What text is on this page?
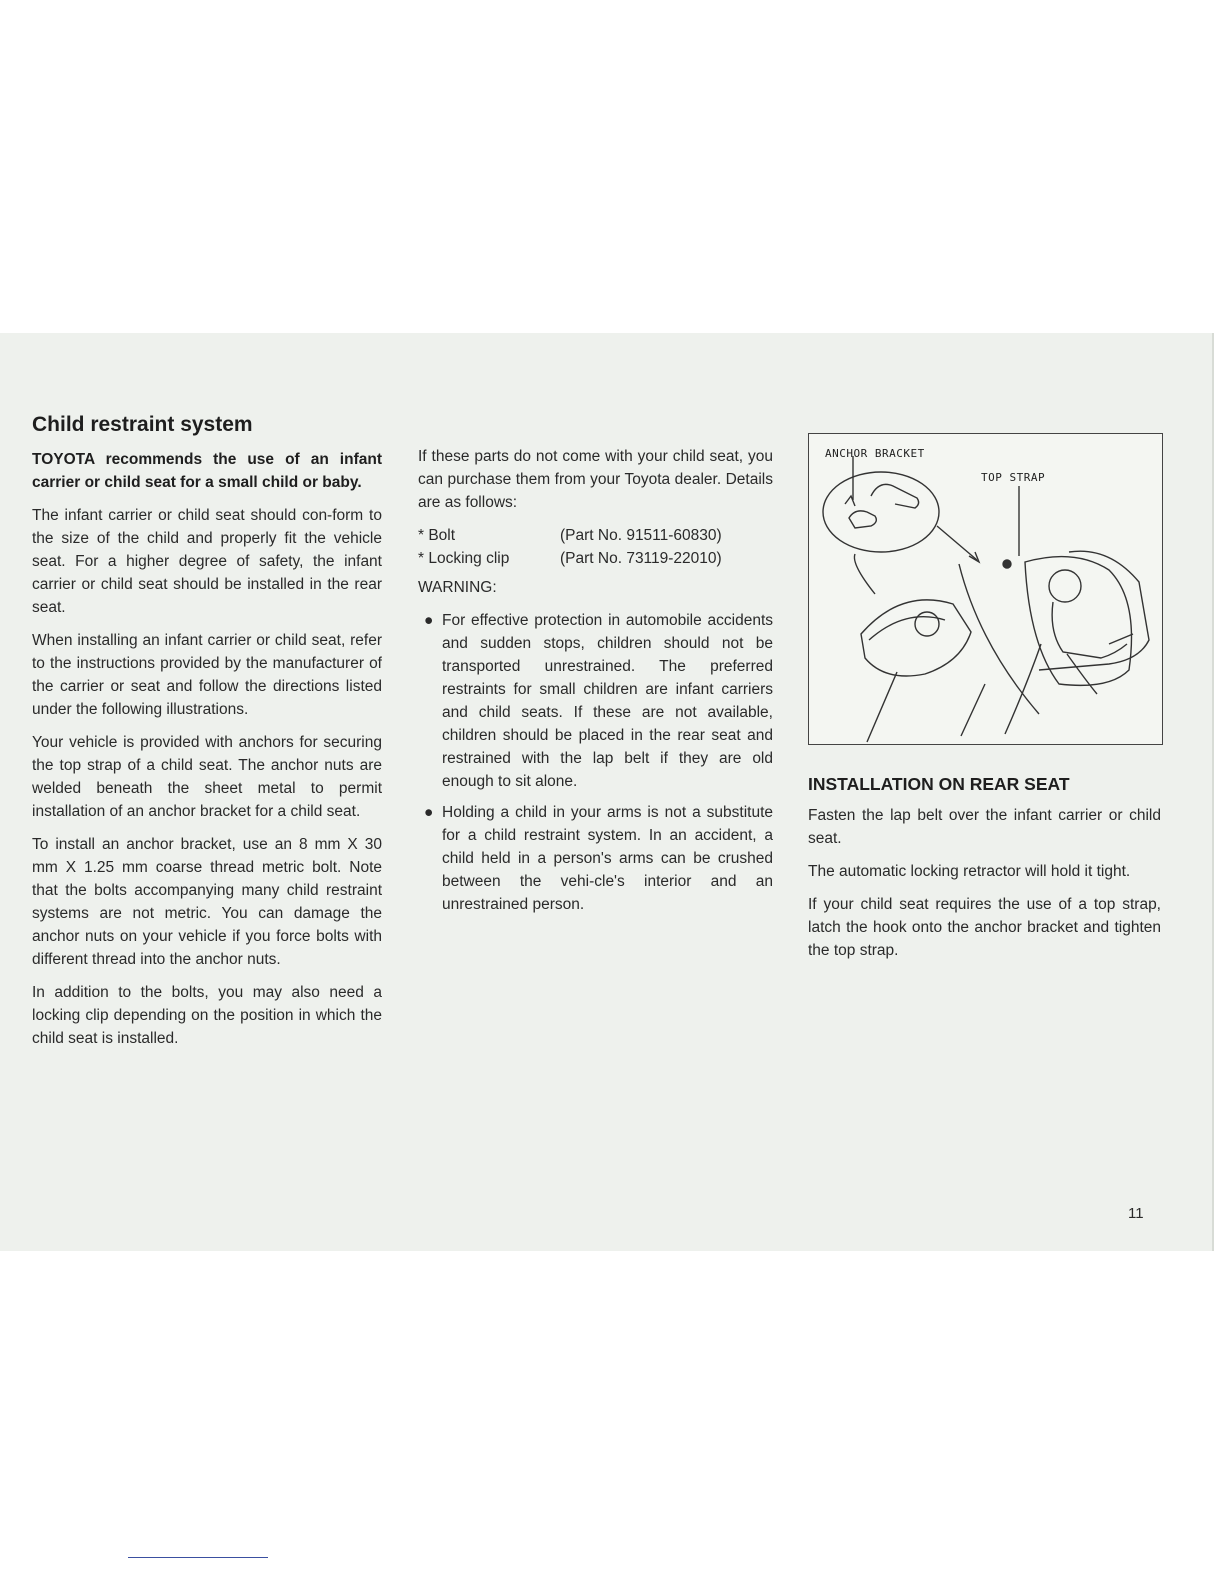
Child restraint system

TOYOTA recommends the use of an infant carrier or child seat for a small child or baby.

The infant carrier or child seat should con-form to the size of the child and properly fit the vehicle seat. For a higher degree of safety, the infant carrier or child seat should be installed in the rear seat.

When installing an infant carrier or child seat, refer to the instructions provided by the manufacturer of the carrier or seat and follow the directions listed under the following illustrations.

Your vehicle is provided with anchors for securing the top strap of a child seat. The anchor nuts are welded beneath the sheet metal to permit installation of an anchor bracket for a child seat.

To install an anchor bracket, use an 8 mm X 30 mm X 1.25 mm coarse thread metric bolt. Note that the bolts accompanying many child restraint systems are not metric. You can damage the anchor nuts on your vehicle if you force bolts with different thread into the anchor nuts.

In addition to the bolts, you may also need a locking clip depending on the position in which the child seat is installed.

If these parts do not come with your child seat, you can purchase them from your Toyota dealer. Details are as follows:

* Bolt	(Part No. 91511-60830)
* Locking clip	(Part No. 73119-22010)

WARNING:

● For effective protection in automobile accidents and sudden stops, children should not be transported unrestrained. The preferred restraints for small children are infant carriers and child seats. If these are not available, children should be placed in the rear seat and restrained with the lap belt if they are old enough to sit alone.
● Holding a child in your arms is not a substitute for a child restraint system. In an accident, a child held in a person's arms can be crushed between the vehi-cle's interior and an unrestrained person.
ANCHOR BRACKET
TOP STRAP
INSTALLATION ON REAR SEAT

Fasten the lap belt over the infant carrier or child seat.

The automatic locking retractor will hold it tight.

If your child seat requires the use of a top strap, latch the hook onto the anchor bracket and tighten the top strap.

11
